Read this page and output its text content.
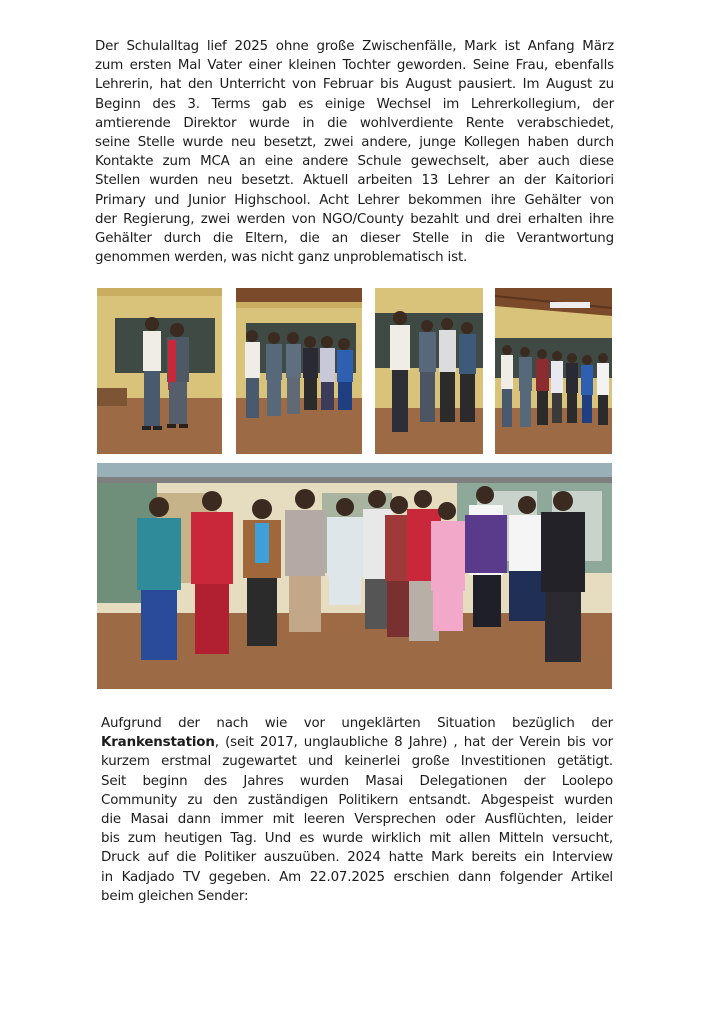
Der Schulalltag lief 2025 ohne große Zwischenfälle, Mark ist Anfang März
zum ersten Mal Vater einer kleinen Tochter geworden. Seine Frau, ebenfalls
Lehrerin, hat den Unterricht von Februar bis August pausiert. Im August zu
Beginn des 3. Terms gab es einige Wechsel im Lehrerkollegium, der
amtierende Direktor wurde in die wohlverdiente Rente verabschiedet,
seine Stelle wurde neu besetzt, zwei andere, junge Kollegen haben durch
Kontakte zum MCA an eine andere Schule gewechselt, aber auch diese
Stellen wurden neu besetzt. Aktuell arbeiten 13 Lehrer an der Kaitoriori
Primary und Junior Highschool. Acht Lehrer bekommen ihre Gehälter von
der Regierung, zwei werden von NGO/County bezahlt und drei erhalten ihre
Gehälter durch die Eltern, die an dieser Stelle in die Verantwortung
genommen werden, was nicht ganz unproblematisch ist.
Aufgrund der nach wie vor ungeklärten Situation bezüglich der
Krankenstation, (seit 2017, unglaubliche 8 Jahre) , hat der Verein bis vor
kurzem erstmal zugewartet und keinerlei große Investitionen getätigt.
Seit beginn des Jahres wurden Masai Delegationen der Loolepo
Community zu den zuständigen Politikern entsandt. Abgespeist wurden
die Masai dann immer mit leeren Versprechen oder Ausflüchten, leider
bis zum heutigen Tag. Und es wurde wirklich mit allen Mitteln versucht,
Druck auf die Politiker auszuüben. 2024 hatte Mark bereits ein Interview
in Kadjado TV gegeben. Am 22.07.2025 erschien dann folgender Artikel
beim gleichen Sender:
